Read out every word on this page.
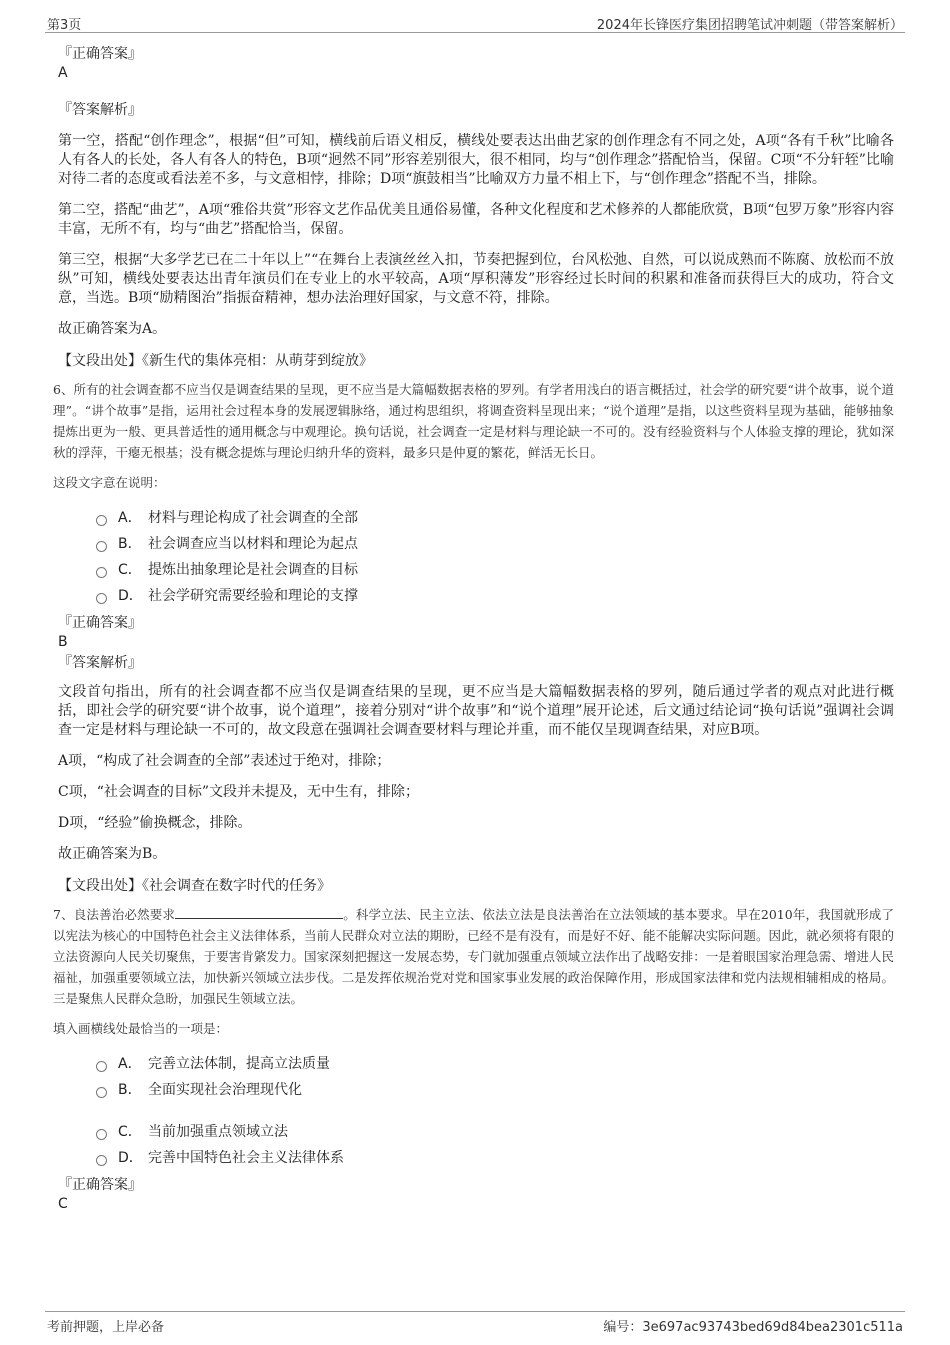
第3页	2024年长锋医疗集团招聘笔试冲刺题（带答案解析）

『正确答案』

A

『答案解析』

第一空，搭配“创作理念”，根据“但”可知，横线前后语义相反，横线处要表达出曲艺家的创作理念有不同之处，A项“各有千秋”比喻各人有各人的长处，各人有各人的特色，B项“迥然不同”形容差别很大，很不相同，均与“创作理念”搭配恰当，保留。C项“不分轩轾”比喻对待二者的态度或看法差不多，与文意相悖，排除；D项“旗鼓相当”比喻双方力量不相上下，与“创作理念”搭配不当，排除。

第二空，搭配“曲艺”，A项“雅俗共赏”形容文艺作品优美且通俗易懂，各种文化程度和艺术修养的人都能欣赏，B项“包罗万象”形容内容丰富，无所不有，均与“曲艺”搭配恰当，保留。

第三空，根据“大多学艺已在二十年以上”“在舞台上表演丝丝入扣，节奏把握到位，台风松弛、自然，可以说成熟而不陈腐、放松而不放纵”可知，横线处要表达出青年演员们在专业上的水平较高，A项“厚积薄发”形容经过长时间的积累和准备而获得巨大的成功，符合文意，当选。B项“励精图治”指振奋精神，想办法治理好国家，与文意不符，排除。

故正确答案为A。

【文段出处】《新生代的集体亮相：从萌芽到绽放》

6、所有的社会调查都不应当仅是调查结果的呈现，更不应当是大篇幅数据表格的罗列。有学者用浅白的语言概括过，社会学的研究要“讲个故事，说个道理”。“讲个故事”是指，运用社会过程本身的发展逻辑脉络，通过构思组织，将调查资料呈现出来；“说个道理”是指，以这些资料呈现为基础，能够抽象提炼出更为一般、更具普适性的通用概念与中观理论。换句话说，社会调查一定是材料与理论缺一不可的。没有经验资料与个人体验支撑的理论，犹如深秋的浮萍，干瘪无根基；没有概念提炼与理论归纳升华的资料，最多只是仲夏的繁花，鲜活无长日。

这段文字意在说明：

A． 材料与理论构成了社会调查的全部
B． 社会调查应当以材料和理论为起点
C． 提炼出抽象理论是社会调查的目标
D． 社会学研究需要经验和理论的支撑

『正确答案』

B

『答案解析』

文段首句指出，所有的社会调查都不应当仅是调查结果的呈现，更不应当是大篇幅数据表格的罗列，随后通过学者的观点对此进行概括，即社会学的研究要“讲个故事，说个道理”，接着分别对“讲个故事”和“说个道理”展开论述，后文通过结论词“换句话说”强调社会调查一定是材料与理论缺一不可的，故文段意在强调社会调查要材料与理论并重，而不能仅呈现调查结果，对应B项。

A项，“构成了社会调查的全部”表述过于绝对，排除；

C项，“社会调查的目标”文段并未提及，无中生有，排除；

D项，“经验”偷换概念，排除。

故正确答案为B。

【文段出处】《社会调查在数字时代的任务》

7、良法善治必然要求	。科学立法、民主立法、依法立法是良法善治在立法领域的基本要求。早在2010年，我国就形成了以宪法为核心的中国特色社会主义法律体系，当前人民群众对立法的期盼，已经不是有没有，而是好不好、能不能解决实际问题。因此，就必须将有限的立法资源向人民关切聚焦，于要害肯綮发力。国家深刻把握这一发展态势，专门就加强重点领域立法作出了战略安排：一是着眼国家治理急需、增进人民福祉，加强重要领域立法，加快新兴领域立法步伐。二是发挥依规治党对党和国家事业发展的政治保障作用，形成国家法律和党内法规相辅相成的格局。三是聚焦人民群众急盼，加强民生领域立法。

填入画横线处最恰当的一项是：

A． 完善立法体制，提高立法质量
B． 全面实现社会治理现代化
C． 当前加强重点领域立法
D． 完善中国特色社会主义法律体系

『正确答案』

C

考前押题，上岸必备	编号：3e697ac93743bed69d84bea2301c511a
